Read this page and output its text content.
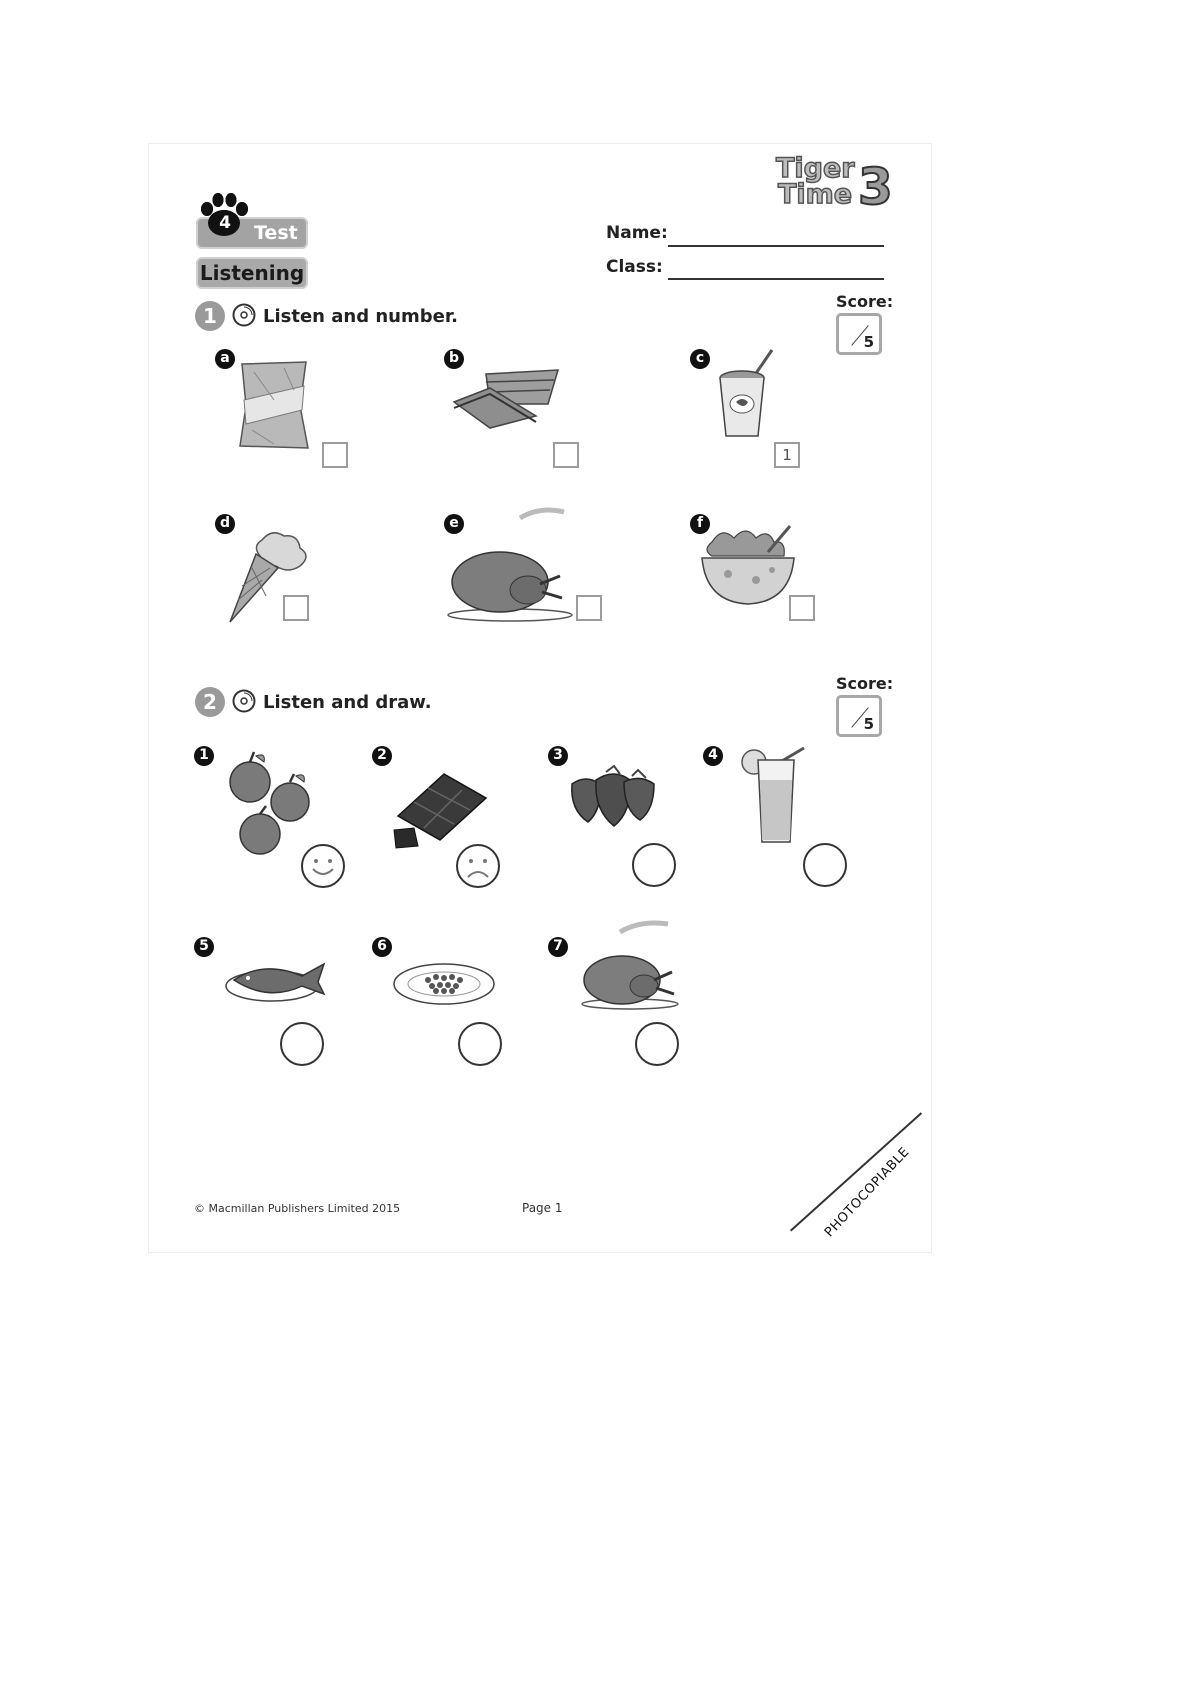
Test
4
Listening
Tiger
Time 3
Name:
Class:
1	Listen and number.
Score:
5
a	b	c
1
d	e	f
2	Listen and draw.
Score:
5
1	2	3	4
5	6	7
© Macmillan Publishers Limited 2015	Page 1	PHOTOCOPIABLE
